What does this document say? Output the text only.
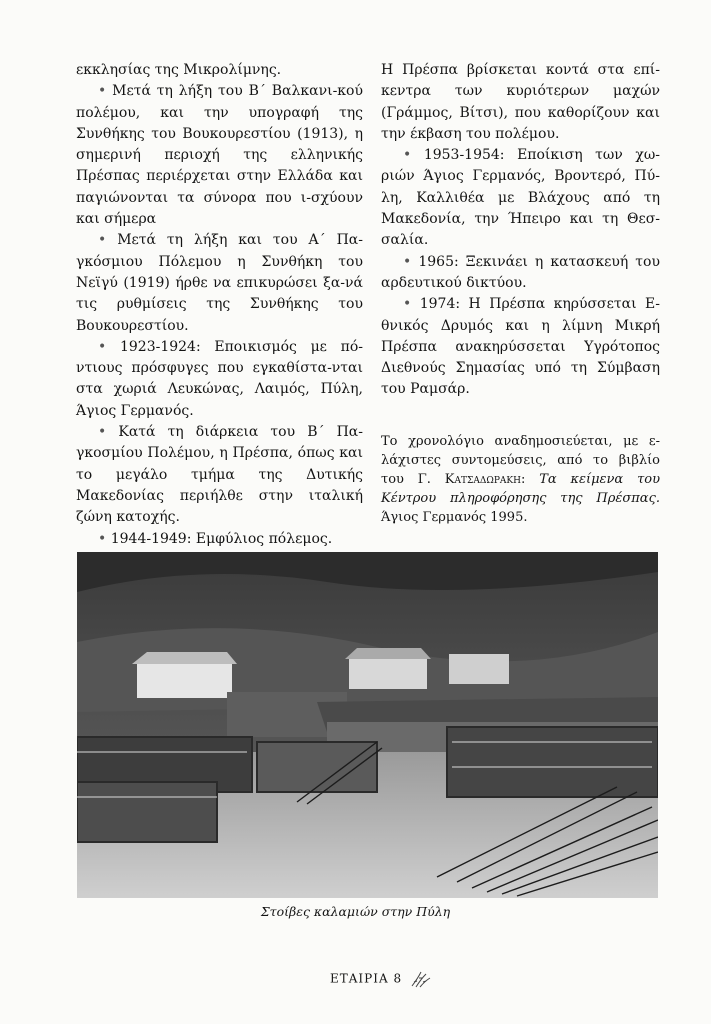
εκκλησίας της Μικρολίμνης.

• Μετά τη λήξη του Β΄ Βαλκανι-κού πολέμου, και την υπογραφή της Συνθήκης του Βουκουρεστίου (1913), η σημερινή περιοχή της ελληνικής Πρέσπας περιέρχεται στην Ελλάδα και παγιώνονται τα σύνορα που ι-σχύουν και σήμερα

• Μετά τη λήξη και του Α΄ Πα-γκόσμιου Πόλεμου η Συνθήκη του Νεϊγύ (1919) ήρθε να επικυρώσει ξα-νά τις ρυθμίσεις της Συνθήκης του Βουκουρεστίου.

• 1923-1924: Εποικισμός με πό-ντιους πρόσφυγες που εγκαθίστα-νται στα χωριά Λευκώνας, Λαιμός, Πύλη, Άγιος Γερμανός.

• Κατά τη διάρκεια του Β΄ Πα-γκοσμίου Πολέμου, η Πρέσπα, όπως και το μεγάλο τμήμα της Δυτικής Μακεδονίας περιήλθε στην ιταλική ζώνη κατοχής.

• 1944-1949: Εμφύλιος πόλεμος.

Η Πρέσπα βρίσκεται κοντά στα επί-κεντρα των κυριότερων μαχών (Γράμμος, Βίτσι), που καθορίζουν και την έκβαση του πολέμου.

• 1953-1954: Εποίκιση των χω-ριών Άγιος Γερμανός, Βροντερό, Πύ-λη, Καλλιθέα με Βλάχους από τη Μακεδονία, την Ήπειρο και τη Θεσ-σαλία.

• 1965: Ξεκινάει η κατασκευή του αρδευτικού δικτύου.

• 1974: Η Πρέσπα κηρύσσεται Ε-θνικός Δρυμός και η λίμνη Μικρή Πρέσπα ανακηρύσσεται Υγρότοπος Διεθνούς Σημασίας υπό τη Σύμβαση του Ραμσάρ.

Το χρονολόγιο αναδημοσιεύεται, με ε-λάχιστες συντομεύσεις, από το βιβλίο του Γ. Κατσαδωρακη: Τα κείμενα του Κέντρου πληροφόρησης της Πρέσπας. Άγιος Γερμανός 1995.
Στοίβες καλαμιών στην Πύλη
ΕΤΑΙΡΙΑ 8
